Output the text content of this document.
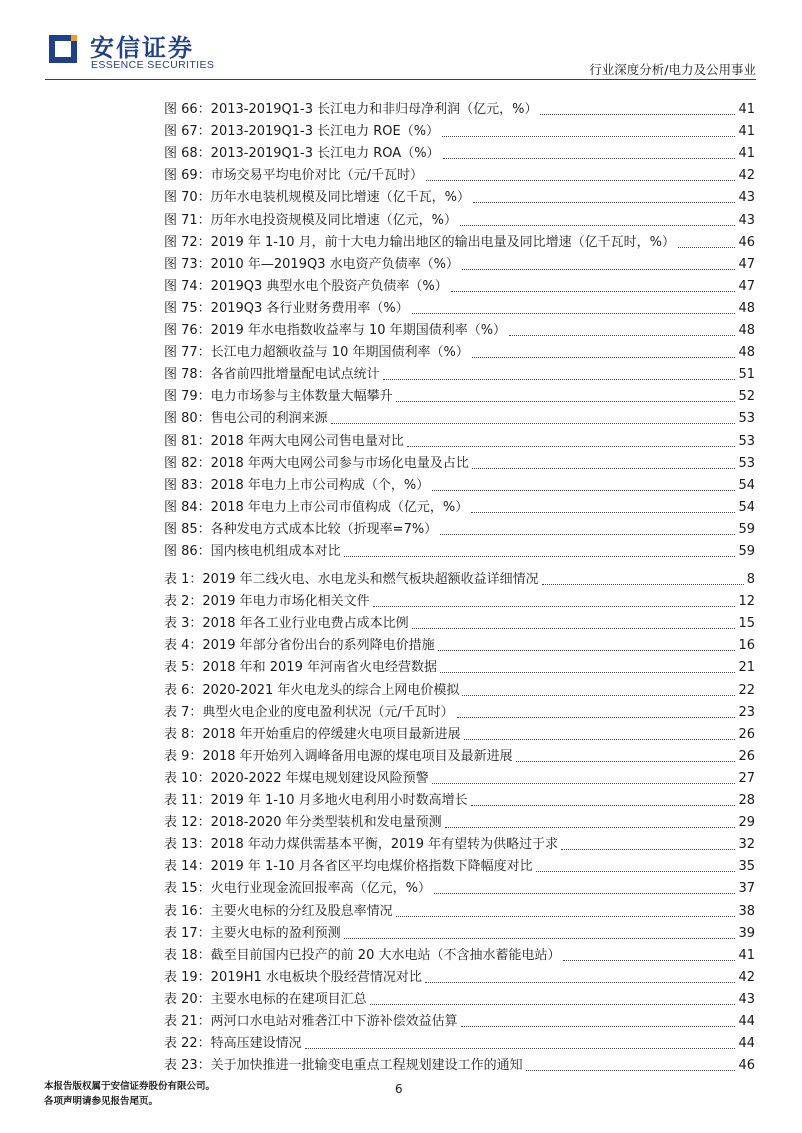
安信证券
ESSENCE SECURITIES	行业深度分析/电力及公用事业
图 66：2013-2019Q1-3 长江电力和非归母净利润（亿元，%）	41
图 67：2013-2019Q1-3 长江电力 ROE（%）	41
图 68：2013-2019Q1-3 长江电力 ROA（%）	41
图 69：市场交易平均电价对比（元/千瓦时）	42
图 70：历年水电装机规模及同比增速（亿千瓦，%）	43
图 71：历年水电投资规模及同比增速（亿元，%）	43
图 72：2019 年 1-10 月，前十大电力输出地区的输出电量及同比增速（亿千瓦时，%）	46
图 73：2010 年—2019Q3 水电资产负债率（%）	47
图 74：2019Q3 典型水电个股资产负债率（%）	47
图 75：2019Q3 各行业财务费用率（%）	48
图 76：2019 年水电指数收益率与 10 年期国债利率（%）	48
图 77：长江电力超额收益与 10 年期国债利率（%）	48
图 78：各省前四批增量配电试点统计	51
图 79：电力市场参与主体数量大幅攀升	52
图 80：售电公司的利润来源	53
图 81：2018 年两大电网公司售电量对比	53
图 82：2018 年两大电网公司参与市场化电量及占比	53
图 83：2018 年电力上市公司构成（个，%）	54
图 84：2018 年电力上市公司市值构成（亿元，%）	54
图 85：各种发电方式成本比较（折现率=7%）	59
图 86：国内核电机组成本对比	59
表 1：2019 年二线火电、水电龙头和燃气板块超额收益详细情况	8
表 2：2019 年电力市场化相关文件	12
表 3：2018 年各工业行业电费占成本比例	15
表 4：2019 年部分省份出台的系列降电价措施	16
表 5：2018 年和 2019 年河南省火电经营数据	21
表 6：2020-2021 年火电龙头的综合上网电价模拟	22
表 7：典型火电企业的度电盈利状况（元/千瓦时）	23
表 8：2018 年开始重启的停缓建火电项目最新进展	26
表 9：2018 年开始列入调峰备用电源的煤电项目及最新进展	26
表 10：2020-2022 年煤电规划建设风险预警	27
表 11：2019 年 1-10 月多地火电利用小时数高增长	28
表 12：2018-2020 年分类型装机和发电量预测	29
表 13：2018 年动力煤供需基本平衡，2019 年有望转为供略过于求	32
表 14：2019 年 1-10 月各省区平均电煤价格指数下降幅度对比	35
表 15：火电行业现金流回报率高（亿元，%）	37
表 16：主要火电标的分红及股息率情况	38
表 17：主要火电标的盈利预测	39
表 18：截至目前国内已投产的前 20 大水电站（不含抽水蓄能电站）	41
表 19：2019H1 水电板块个股经营情况对比	42
表 20：主要水电标的在建项目汇总	43
表 21：两河口水电站对雅砻江中下游补偿效益估算	44
表 22：特高压建设情况	44
表 23：关于加快推进一批输变电重点工程规划建设工作的通知	46
6
本报告版权属于安信证券股份有限公司。
各项声明请参见报告尾页。
